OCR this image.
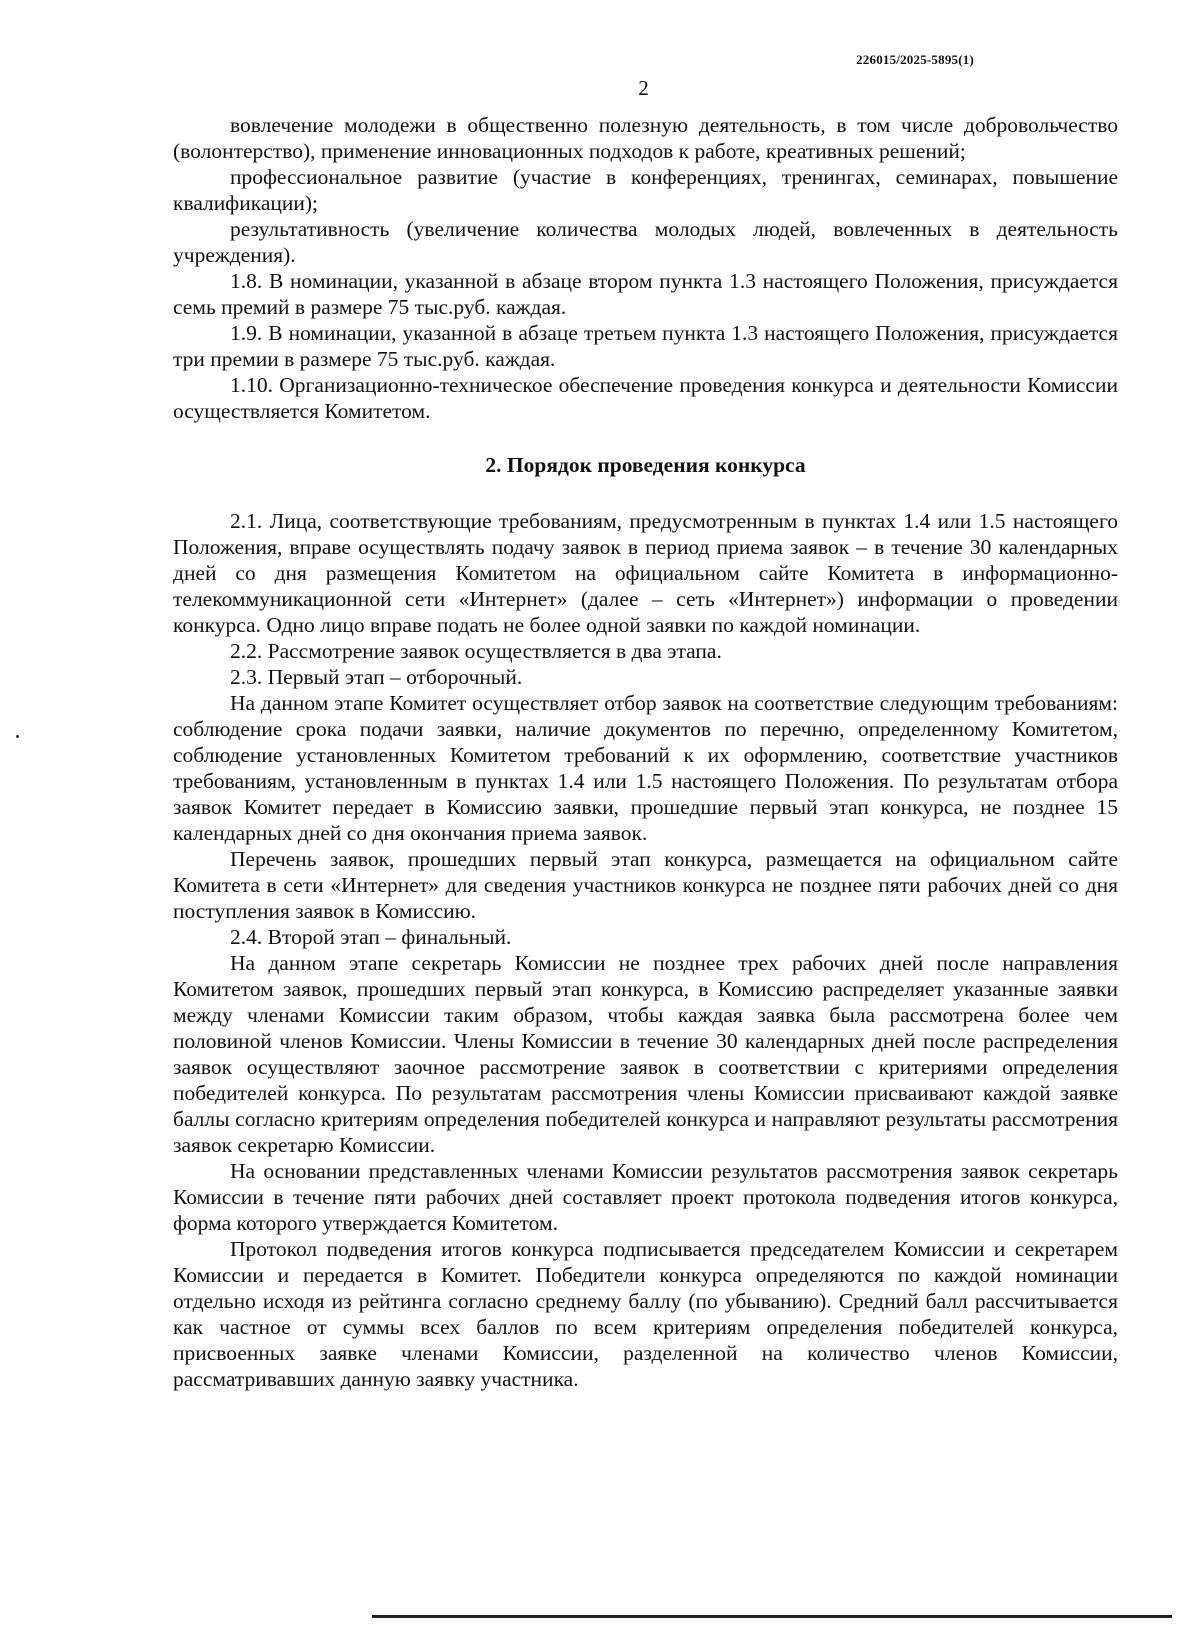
226015/2025-5895(1)
2

вовлечение молодежи в общественно полезную деятельность, в том числе добровольчество (волонтерство), применение инновационных подходов к работе, креативных решений;

профессиональное развитие (участие в конференциях, тренингах, семинарах, повышение квалификации);

результативность (увеличение количества молодых людей, вовлеченных в деятельность учреждения).

1.8. В номинации, указанной в абзаце втором пункта 1.3 настоящего Положения, присуждается семь премий в размере 75 тыс.руб. каждая.

1.9. В номинации, указанной в абзаце третьем пункта 1.3 настоящего Положения, присуждается три премии в размере 75 тыс.руб. каждая.

1.10. Организационно-техническое обеспечение проведения конкурса и деятельности Комиссии осуществляется Комитетом.

2. Порядок проведения конкурса

2.1. Лица, соответствующие требованиям, предусмотренным в пунктах 1.4 или 1.5 настоящего Положения, вправе осуществлять подачу заявок в период приема заявок – в течение 30 календарных дней со дня размещения Комитетом на официальном сайте Комитета в информационно-телекоммуникационной сети «Интернет» (далее – сеть «Интернет») информации о проведении конкурса. Одно лицо вправе подать не более одной заявки по каждой номинации.

2.2. Рассмотрение заявок осуществляется в два этапа.

2.3. Первый этап – отборочный.

На данном этапе Комитет осуществляет отбор заявок на соответствие следующим требованиям: соблюдение срока подачи заявки, наличие документов по перечню, определенному Комитетом, соблюдение установленных Комитетом требований к их оформлению, соответствие участников требованиям, установленным в пунктах 1.4 или 1.5 настоящего Положения. По результатам отбора заявок Комитет передает в Комиссию заявки, прошедшие первый этап конкурса, не позднее 15 календарных дней со дня окончания приема заявок.

Перечень заявок, прошедших первый этап конкурса, размещается на официальном сайте Комитета в сети «Интернет» для сведения участников конкурса не позднее пяти рабочих дней со дня поступления заявок в Комиссию.

2.4. Второй этап – финальный.

На данном этапе секретарь Комиссии не позднее трех рабочих дней после направления Комитетом заявок, прошедших первый этап конкурса, в Комиссию распределяет указанные заявки между членами Комиссии таким образом, чтобы каждая заявка была рассмотрена более чем половиной членов Комиссии. Члены Комиссии в течение 30 календарных дней после распределения заявок осуществляют заочное рассмотрение заявок в соответствии с критериями определения победителей конкурса. По результатам рассмотрения члены Комиссии присваивают каждой заявке баллы согласно критериям определения победителей конкурса и направляют результаты рассмотрения заявок секретарю Комиссии.

На основании представленных членами Комиссии результатов рассмотрения заявок секретарь Комиссии в течение пяти рабочих дней составляет проект протокола подведения итогов конкурса, форма которого утверждается Комитетом.

Протокол подведения итогов конкурса подписывается председателем Комиссии и секретарем Комиссии и передается в Комитет. Победители конкурса определяются по каждой номинации отдельно исходя из рейтинга согласно среднему баллу (по убыванию). Средний балл рассчитывается как частное от суммы всех баллов по всем критериям определения победителей конкурса, присвоенных заявке членами Комиссии, разделенной на количество членов Комиссии, рассматривавших данную заявку участника.
